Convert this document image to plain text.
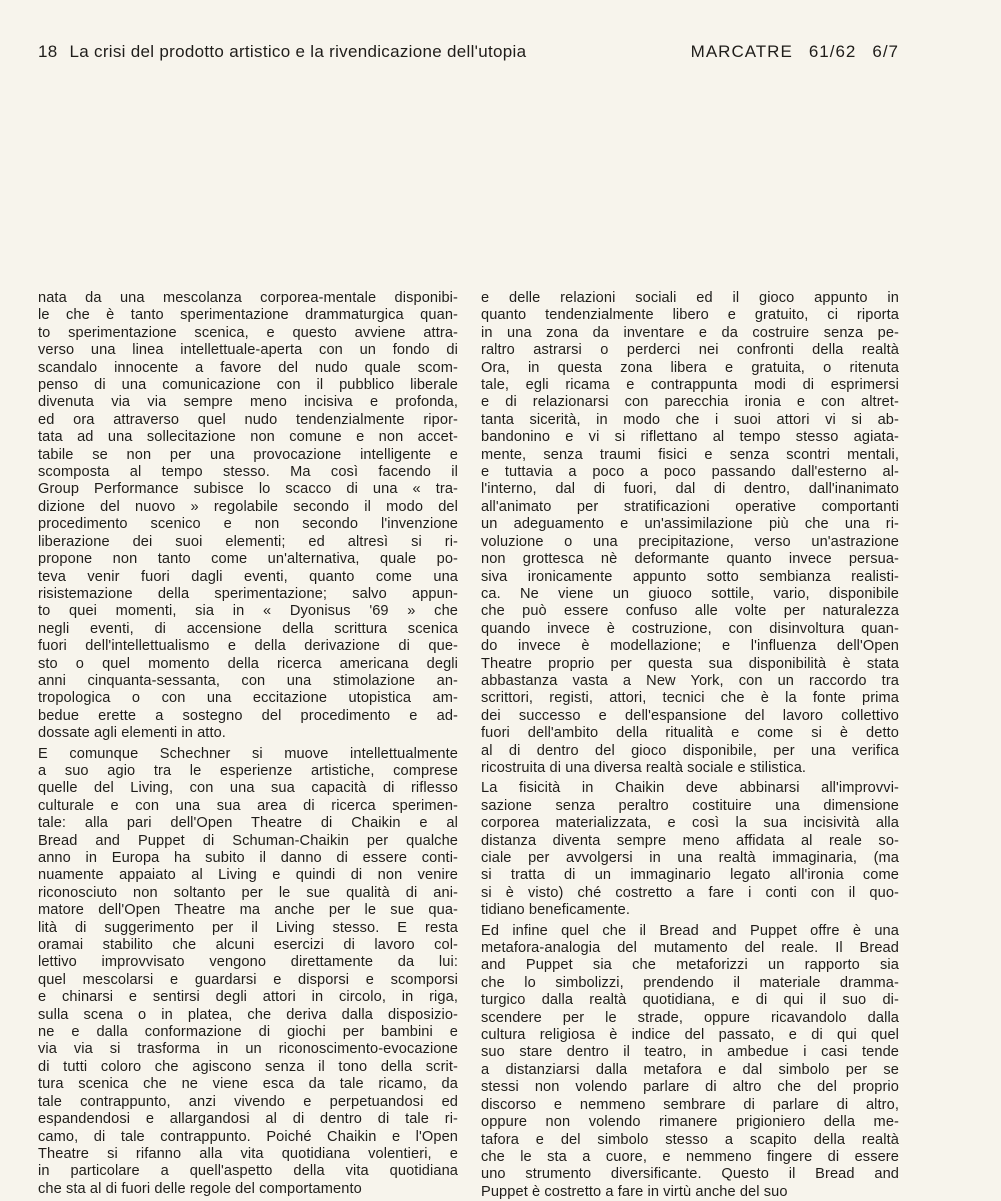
18 La crisi del prodotto artistico e la rivendicazione dell'utopia	MARCATRE 61/62 6/7

nata da una mescolanza corporea-mentale disponibi-
le che è tanto sperimentazione drammaturgica quan-
to sperimentazione scenica, e questo avviene attra-
verso una linea intellettuale-aperta con un fondo di
scandalo innocente a favore del nudo quale scom-
penso di una comunicazione con il pubblico liberale
divenuta via via sempre meno incisiva e profonda,
ed ora attraverso quel nudo tendenzialmente ripor-
tata ad una sollecitazione non comune e non accet-
tabile se non per una provocazione intelligente e
scomposta al tempo stesso. Ma così facendo il
Group Performance subisce lo scacco di una « tra-
dizione del nuovo » regolabile secondo il modo del
procedimento scenico e non secondo l'invenzione
liberazione dei suoi elementi; ed altresì si ri-
propone non tanto come un'alternativa, quale po-
teva venir fuori dagli eventi, quanto come una
risistemazione della sperimentazione; salvo appun-
to quei momenti, sia in « Dyonisus '69 » che
negli eventi, di accensione della scrittura scenica
fuori dell'intellettualismo e della derivazione di que-
sto o quel momento della ricerca americana degli
anni cinquanta-sessanta, con una stimolazione an-
tropologica o con una eccitazione utopistica am-
bedue erette a sostegno del procedimento e ad-
dossate agli elementi in atto.

E comunque Schechner si muove intellettualmente
a suo agio tra le esperienze artistiche, comprese
quelle del Living, con una sua capacità di riflesso
culturale e con una sua area di ricerca sperimen-
tale: alla pari dell'Open Theatre di Chaikin e al
Bread and Puppet di Schuman-Chaikin per qualche
anno in Europa ha subito il danno di essere conti-
nuamente appaiato al Living e quindi di non venire
riconosciuto non soltanto per le sue qualità di ani-
matore dell'Open Theatre ma anche per le sue qua-
lità di suggerimento per il Living stesso. E resta
oramai stabilito che alcuni esercizi di lavoro col-
lettivo improvvisato vengono direttamente da lui:
quel mescolarsi e guardarsi e disporsi e scomporsi
e chinarsi e sentirsi degli attori in circolo, in riga,
sulla scena o in platea, che deriva dalla disposizio-
ne e dalla conformazione di giochi per bambini e
via via si trasforma in un riconoscimento-evocazione
di tutti coloro che agiscono senza il tono della scrit-
tura scenica che ne viene esca da tale ricamo, da
tale contrappunto, anzi vivendo e perpetuandosi ed
espandendosi e allargandosi al di dentro di tale ri-
camo, di tale contrappunto. Poiché Chaikin e l'Open
Theatre si rifanno alla vita quotidiana volentieri, e
in particolare a quell'aspetto della vita quotidiana
che sta al di fuori delle regole del comportamento

e delle relazioni sociali ed il gioco appunto in
quanto tendenzialmente libero e gratuito, ci riporta
in una zona da inventare e da costruire senza pe-
raltro astrarsi o perderci nei confronti della realtà
Ora, in questa zona libera e gratuita, o ritenuta
tale, egli ricama e contrappunta modi di esprimersi
e di relazionarsi con parecchia ironia e con altret-
tanta sicerità, in modo che i suoi attori vi si ab-
bandonino e vi si riflettano al tempo stesso agiata-
mente, senza traumi fisici e senza scontri mentali,
e tuttavia a poco a poco passando dall'esterno al-
l'interno, dal di fuori, dal di dentro, dall'inanimato
all'animato per stratificazioni operative comportanti
un adeguamento e un'assimilazione più che una ri-
voluzione o una precipitazione, verso un'astrazione
non grottesca nè deformante quanto invece persua-
siva ironicamente appunto sotto sembianza realisti-
ca. Ne viene un giuoco sottile, vario, disponibile
che può essere confuso alle volte per naturalezza
quando invece è costruzione, con disinvoltura quan-
do invece è modellazione; e l'influenza dell'Open
Theatre proprio per questa sua disponibilità è stata
abbastanza vasta a New York, con un raccordo tra
scrittori, registi, attori, tecnici che è la fonte prima
dei successo e dell'espansione del lavoro collettivo
fuori dell'ambito della ritualità e come si è detto
al di dentro del gioco disponibile, per una verifica
ricostruita di una diversa realtà sociale e stilistica.

La fisicità in Chaikin deve abbinarsi all'improvvi-
sazione senza peraltro costituire una dimensione
corporea materializzata, e così la sua incisività alla
distanza diventa sempre meno affidata al reale so-
ciale per avvolgersi in una realtà immaginaria, (ma
si tratta di un immaginario legato all'ironia come
si è visto) ché costretto a fare i conti con il quo-
tidiano beneficamente.

Ed infine quel che il Bread and Puppet offre è una
metafora-analogia del mutamento del reale. Il Bread
and Puppet sia che metaforizzi un rapporto sia
che lo simbolizzi, prendendo il materiale dramma-
turgico dalla realtà quotidiana, e di qui il suo di-
scendere per le strade, oppure ricavandolo dalla
cultura religiosa è indice del passato, e di qui quel
suo stare dentro il teatro, in ambedue i casi tende
a distanziarsi dalla metafora e dal simbolo per se
stessi non volendo parlare di altro che del proprio
discorso e nemmeno sembrare di parlare di altro,
oppure non volendo rimanere prigioniero della me-
tafora e del simbolo stesso a scapito della realtà
che le sta a cuore, e nemmeno fingere di essere
uno strumento diversificante. Questo il Bread and
Puppet è costretto a fare in virtù anche del suo
